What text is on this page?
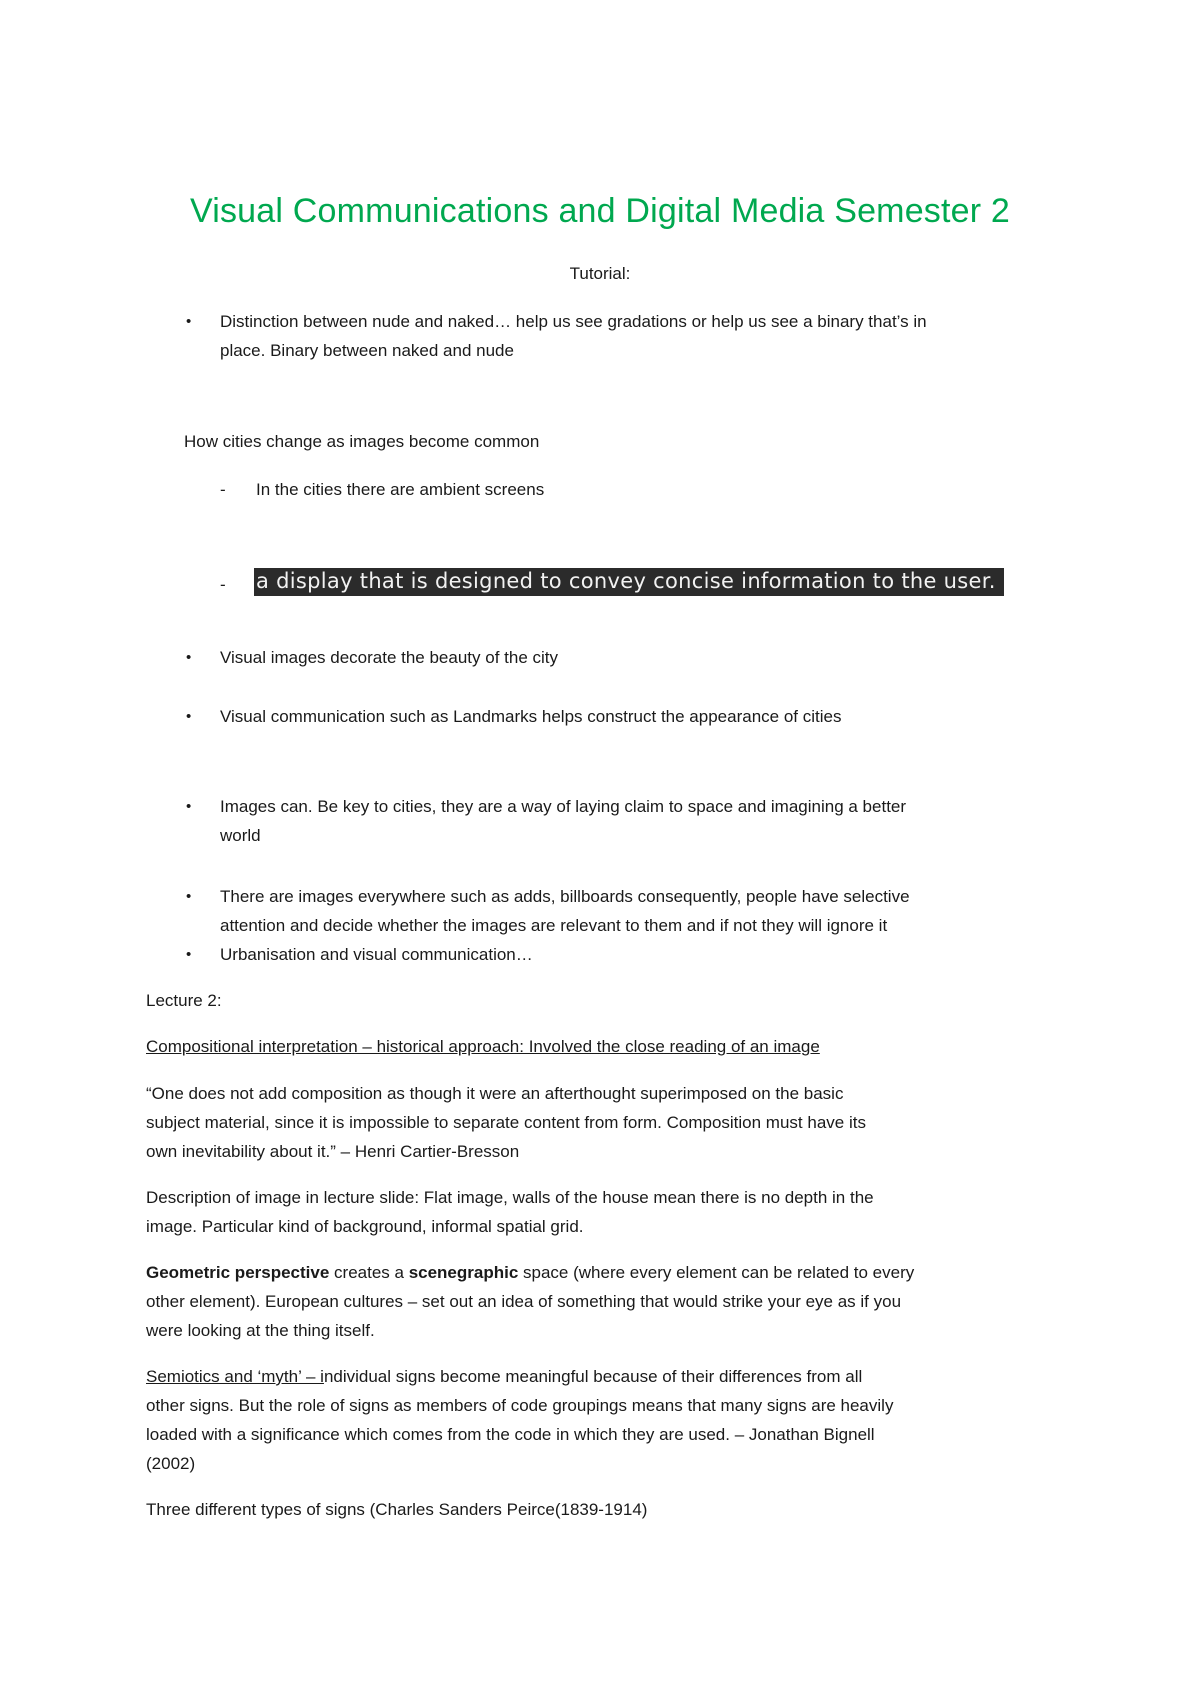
Visual Communications and Digital Media Semester 2
Tutorial:
• Distinction between nude and naked… help us see gradations or help us see a binary that’s in
place. Binary between naked and nude
How cities change as images become common
- In the cities there are ambient screens
- a display that is designed to convey concise information to the user.
• Visual images decorate the beauty of the city
• Visual communication such as Landmarks helps construct the appearance of cities
• Images can. Be key to cities, they are a way of laying claim to space and imagining a better
world
• There are images everywhere such as adds, billboards consequently, people have selective
attention and decide whether the images are relevant to them and if not they will ignore it
• Urbanisation and visual communication…
Lecture 2:
Compositional interpretation – historical approach: Involved the close reading of an image
“One does not add composition as though it were an afterthought superimposed on the basic
subject material, since it is impossible to separate content from form. Composition must have its
own inevitability about it.” – Henri Cartier-Bresson
Description of image in lecture slide: Flat image, walls of the house mean there is no depth in the
image. Particular kind of background, informal spatial grid.
Geometric perspective creates a scenegraphic space (where every element can be related to every
other element). European cultures – set out an idea of something that would strike your eye as if you
were looking at the thing itself.
Semiotics and ‘myth’ – individual signs become meaningful because of their differences from all
other signs. But the role of signs as members of code groupings means that many signs are heavily
loaded with a significance which comes from the code in which they are used. – Jonathan Bignell
(2002)
Three different types of signs (Charles Sanders Peirce(1839-1914)
